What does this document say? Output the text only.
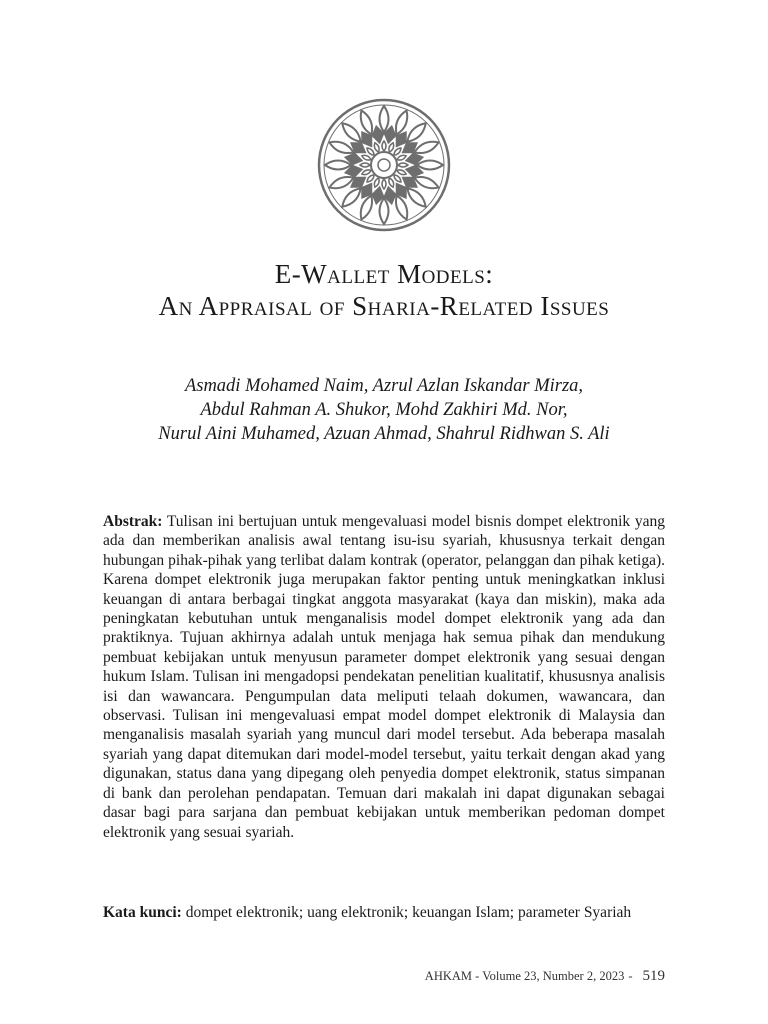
E-Wallet Models:
An Appraisal of Sharia-Related Issues
Asmadi Mohamed Naim, Azrul Azlan Iskandar Mirza,
Abdul Rahman A. Shukor, Mohd Zakhiri Md. Nor,
Nurul Aini Muhamed, Azuan Ahmad, Shahrul Ridhwan S. Ali

Abstrak: Tulisan ini bertujuan untuk mengevaluasi model bisnis dompet elektronik yang ada dan memberikan analisis awal tentang isu-isu syariah, khususnya terkait dengan hubungan pihak-pihak yang terlibat dalam kontrak (operator, pelanggan dan pihak ketiga). Karena dompet elektronik juga merupakan faktor penting untuk meningkatkan inklusi keuangan di antara berbagai tingkat anggota masyarakat (kaya dan miskin), maka ada peningkatan kebutuhan untuk menganalisis model dompet elektronik yang ada dan praktiknya. Tujuan akhirnya adalah untuk menjaga hak semua pihak dan mendukung pembuat kebijakan untuk menyusun parameter dompet elektronik yang sesuai dengan hukum Islam. Tulisan ini mengadopsi pendekatan penelitian kualitatif, khususnya analisis isi dan wawancara. Pengumpulan data meliputi telaah dokumen, wawancara, dan observasi. Tulisan ini mengevaluasi empat model dompet elektronik di Malaysia dan menganalisis masalah syariah yang muncul dari model tersebut. Ada beberapa masalah syariah yang dapat ditemukan dari model-model tersebut, yaitu terkait dengan akad yang digunakan, status dana yang dipegang oleh penyedia dompet elektronik, status simpanan di bank dan perolehan pendapatan. Temuan dari makalah ini dapat digunakan sebagai dasar bagi para sarjana dan pembuat kebijakan untuk memberikan pedoman dompet elektronik yang sesuai syariah.

Kata kunci: dompet elektronik; uang elektronik; keuangan Islam; parameter Syariah

AHKAM - Volume 23, Number 2, 2023 - 519
